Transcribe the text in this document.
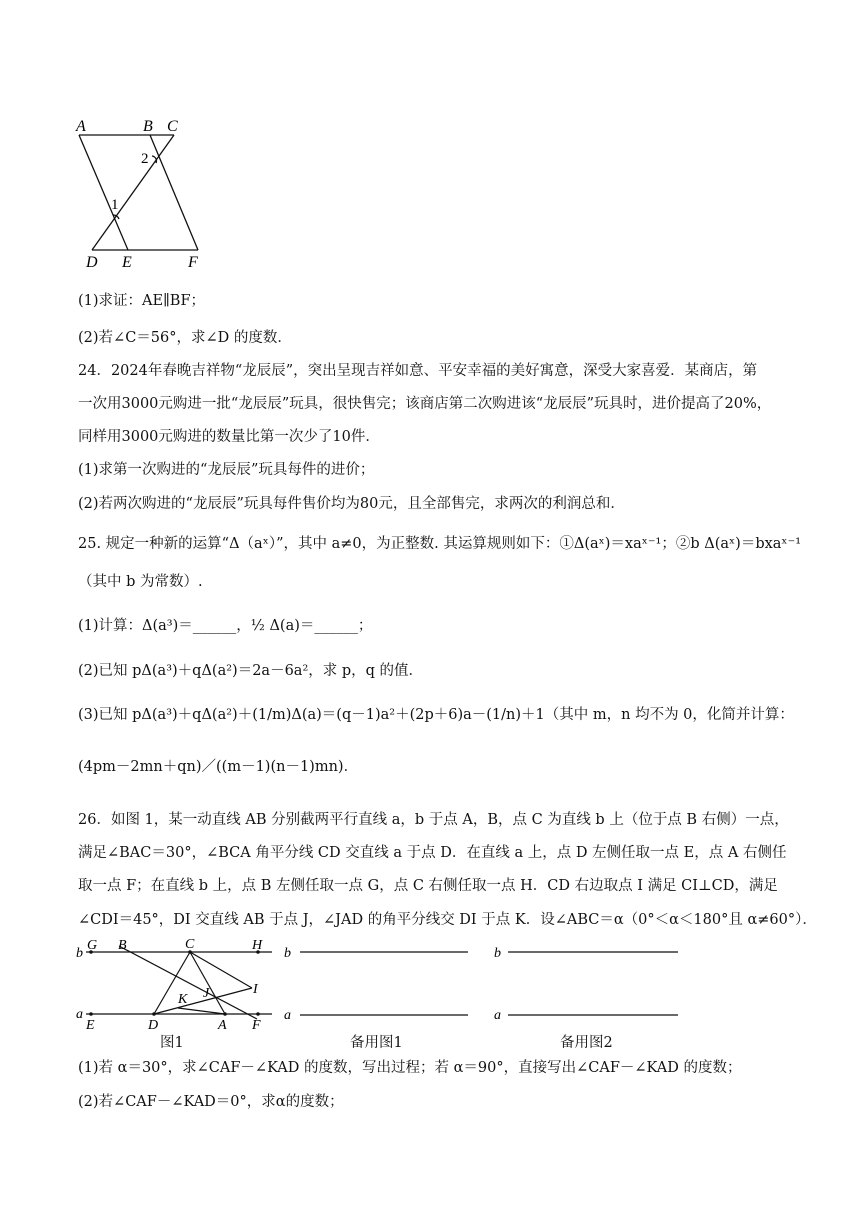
A	B C
2
1
D E	F
(1)求证：AE∥BF；
(2)若∠C＝56°，求∠D 的度数．
24．2024年春晚吉祥物“龙辰辰”，突出呈现吉祥如意、平安幸福的美好寓意，深受大家喜爱．某商店，第
一次用3000元购进一批“龙辰辰”玩具，很快售完；该商店第二次购进该“龙辰辰”玩具时，进价提高了20%，
同样用3000元购进的数量比第一次少了10件．
(1)求第一次购进的“龙辰辰”玩具每件的进价；
(2)若两次购进的“龙辰辰”玩具每件售价均为80元，且全部售完，求两次的利润总和．
25. 规定一种新的运算“Δ（aˣ）”，其中 a≠0，为正整数. 其运算规则如下：①Δ(aˣ)＝xaˣ⁻¹；②b Δ(aˣ)＝bxaˣ⁻¹
（其中 b 为常数）.
(1)计算：Δ(a³)＝______，½ Δ(a)＝______；
(2)已知 pΔ(a³)＋qΔ(a²)＝2a－6a²，求 p，q 的值．
(3)已知 pΔ(a³)＋qΔ(a²)＋(1/m)Δ(a)＝(q－1)a²＋(2p＋6)a－(1/n)＋1（其中 m，n 均不为 0，化简并计算：
(4pm－2mn＋qn)／((m－1)(n－1)mn)．
26．如图 1，某一动直线 AB 分别截两平行直线 a，b 于点 A，B，点 C 为直线 b 上（位于点 B 右侧）一点，
满足∠BAC＝30°，∠BCA 角平分线 CD 交直线 a 于点 D．在直线 a 上，点 D 左侧任取一点 E，点 A 右侧任
取一点 F；在直线 b 上，点 B 左侧任取一点 G，点 C 右侧任取一点 H．CD 右边取点 I 满足 CI⊥CD，满足
∠CDI＝45°，DI 交直线 AB 于点 J，∠JAD 的角平分线交 DI 于点 K．设∠ABC＝α（0°＜α＜180°且 α≠60°）．
b
G B	C	H
I
K J
a
E	D	A F
图1
b
a
备用图1
b
a
备用图2
(1)若 α＝30°，求∠CAF－∠KAD 的度数，写出过程；若 α＝90°，直接写出∠CAF－∠KAD 的度数；
(2)若∠CAF－∠KAD＝0°，求α的度数；
